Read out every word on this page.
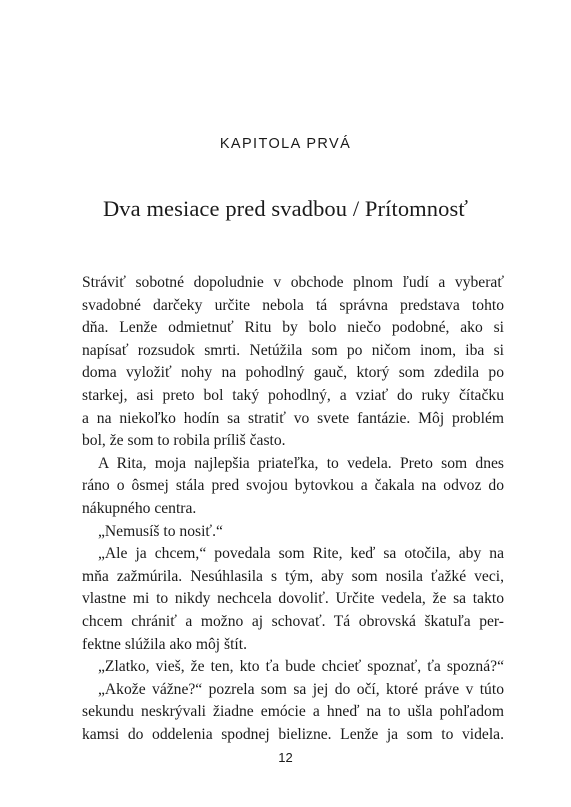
KAPITOLA PRVÁ
Dva mesiace pred svadbou / Prítomnosť
Stráviť sobotné dopoludnie v obchode plnom ľudí a vyberať
svadobné darčeky určite nebola tá správna predstava tohto
dňa. Lenže odmietnuť Ritu by bolo niečo podobné, ako si
napísať rozsudok smrti. Netúžila som po ničom inom, iba si
doma vyložiť nohy na pohodlný gauč, ktorý som zdedila po
starkej, asi preto bol taký pohodlný, a vziať do ruky čítačku
a na niekoľko hodín sa stratiť vo svete fantázie. Môj problém
bol, že som to robila príliš často.
A Rita, moja najlepšia priateľka, to vedela. Preto som dnes
ráno o ôsmej stála pred svojou bytovkou a čakala na odvoz do
nákupného centra.
„Nemusíš to nosiť.“
„Ale ja chcem,“ povedala som Rite, keď sa otočila, aby na
mňa zažmúrila. Nesúhlasila s tým, aby som nosila ťažké veci,
vlastne mi to nikdy nechcela dovoliť. Určite vedela, že sa takto
chcem chrániť a možno aj schovať. Tá obrovská škatuľa per-
fektne slúžila ako môj štít.
„Zlatko, vieš, že ten, kto ťa bude chcieť spoznať, ťa spozná?“
„Akože vážne?“ pozrela som sa jej do očí, ktoré práve v túto
sekundu neskrývali žiadne emócie a hneď na to ušla pohľadom
kamsi do oddelenia spodnej bielizne. Lenže ja som to videla.
12
